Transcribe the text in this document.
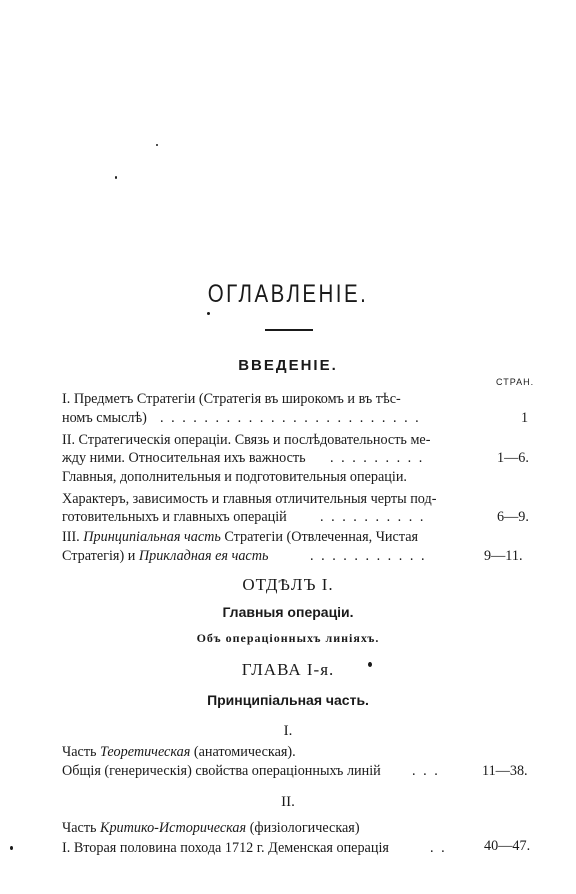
ОГЛАВЛЕНІЕ.
ВВЕДЕНІЕ.
СТРАН.
I. Предметъ Стратегіи (Стратегія въ широкомъ и въ тѣс-
номъ смыслѣ) . . . . . . . . . . . . . . . . . . . . . . . .	1
II. Стратегическія операціи. Связь и послѣдовательность ме-
жду ними. Относительная ихъ важность . . . . . . . . .	1—6.
Главныя, дополнительныя и подготовительныя операціи.
Характеръ, зависимость и главныя отличительныя черты под-
готовительныхъ и главныхъ операцій . . . . . . . . . .	6—9.
III. Принципіальная часть Стратегіи (Отвлеченная, Чистая
Стратегія) и Прикладная ея часть	. . . . . . . . . . .	9—11.
ОТДѢЛЪ I.
Главныя операціи.
Объ операціонныхъ линіяхъ.
ГЛАВА I-я.
Принципіальная часть.
I.
Часть Теоретическая (анатомическая).
Общія (генерическія) свойства операціонныхъ линій . . .	11—38.
II.
Часть Критико-Историческая (физіологическая)
I. Вторая половина похода 1712 г. Деменская операція	. .	40—47.
